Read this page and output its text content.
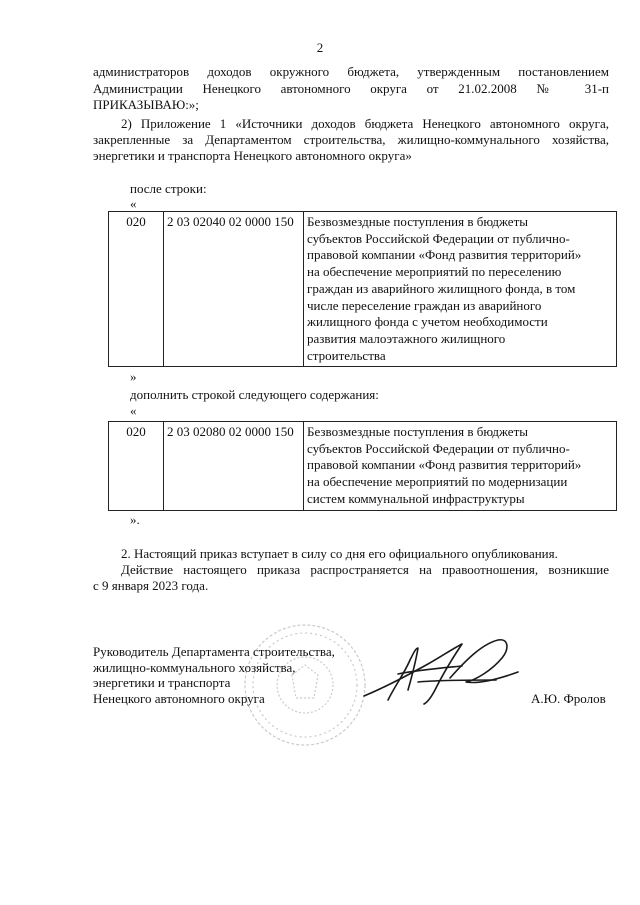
2
администраторов доходов окружного бюджета, утвержденным постановлением
Администрации Ненецкого автономного округа от 21.02.2008 № 31-п
ПРИКАЗЫВАЮ:»;
2) Приложение 1 «Источники доходов бюджета Ненецкого автономного округа,
закрепленные за Департаментом строительства, жилищно-коммунального хозяйства,
энергетики и транспорта Ненецкого автономного округа»
после строки:
«
020	2 03 02040 02 0000 150	Безвозмездные поступления в бюджеты
субъектов Российской Федерации от публично-
правовой компании «Фонд развития территорий»
на обеспечение мероприятий по переселению
граждан из аварийного жилищного фонда, в том
числе переселение граждан из аварийного
жилищного фонда с учетом необходимости
развития малоэтажного жилищного
строительства
»
дополнить строкой следующего содержания:
«
020	2 03 02080 02 0000 150	Безвозмездные поступления в бюджеты
субъектов Российской Федерации от публично-
правовой компании «Фонд развития территорий»
на обеспечение мероприятий по модернизации
систем коммунальной инфраструктуры
».
2. Настоящий приказ вступает в силу со дня его официального опубликования.
Действие настоящего приказа распространяется на правоотношения, возникшие
с 9 января 2023 года.
Руководитель Департамента строительства,
жилищно-коммунального хозяйства,
энергетики и транспорта
Ненецкого автономного округа	А.Ю. Фролов
